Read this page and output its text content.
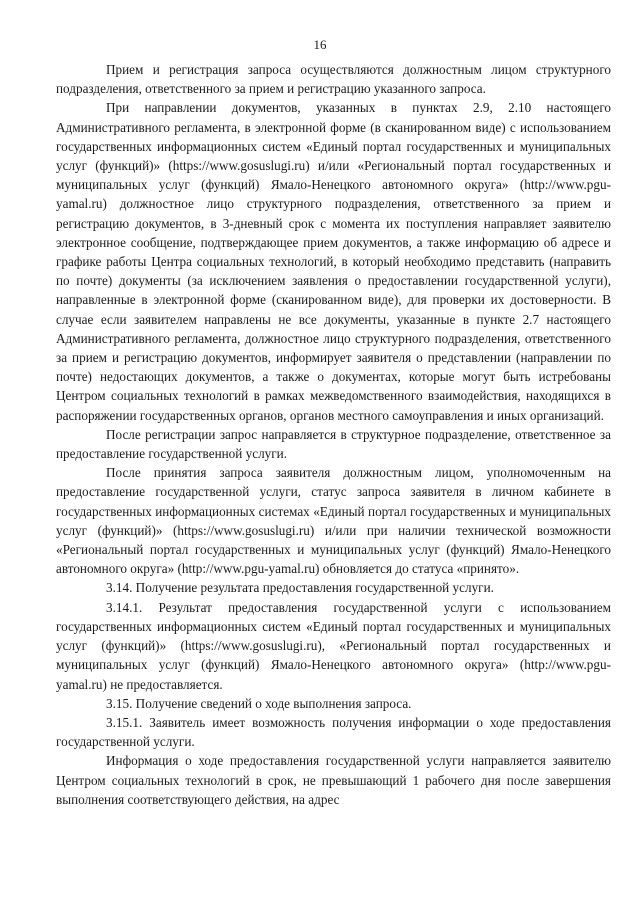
16

Прием и регистрация запроса осуществляются должностным лицом структурного подразделения, ответственного за прием и регистрацию указанного запроса.

При направлении документов, указанных в пунктах 2.9, 2.10 настоящего Административного регламента, в электронной форме (в сканированном виде) с использованием государственных информационных систем «Единый портал государственных и муниципальных услуг (функций)» (https://www.gosuslugi.ru) и/или «Региональный портал государственных и муниципальных услуг (функций) Ямало-Ненецкого автономного округа» (http://www.pgu-yamal.ru) должностное лицо структурного подразделения, ответственного за прием и регистрацию документов, в 3-дневный срок с момента их поступления направляет заявителю электронное сообщение, подтверждающее прием документов, а также информацию об адресе и графике работы Центра социальных технологий, в который необходимо представить (направить по почте) документы (за исключением заявления о предоставлении государственной услуги), направленные в электронной форме (сканированном виде), для проверки их достоверности. В случае если заявителем направлены не все документы, указанные в пункте 2.7 настоящего Административного регламента, должностное лицо структурного подразделения, ответственного за прием и регистрацию документов, информирует заявителя о представлении (направлении по почте) недостающих документов, а также о документах, которые могут быть истребованы Центром социальных технологий в рамках межведомственного взаимодействия, находящихся в распоряжении государственных органов, органов местного самоуправления и иных организаций.

После регистрации запрос направляется в структурное подразделение, ответственное за предоставление государственной услуги.

После принятия запроса заявителя должностным лицом, уполномоченным на предоставление государственной услуги, статус запроса заявителя в личном кабинете в государственных информационных системах «Единый портал государственных и муниципальных услуг (функций)» (https://www.gosuslugi.ru) и/или при наличии технической возможности «Региональный портал государственных и муниципальных услуг (функций) Ямало-Ненецкого автономного округа» (http://www.pgu-yamal.ru) обновляется до статуса «принято».

3.14. Получение результата предоставления государственной услуги.

3.14.1. Результат предоставления государственной услуги с использованием государственных информационных систем «Единый портал государственных и муниципальных услуг (функций)» (https://www.gosuslugi.ru), «Региональный портал государственных и муниципальных услуг (функций) Ямало-Ненецкого автономного округа» (http://www.pgu-yamal.ru) не предоставляется.

3.15. Получение сведений о ходе выполнения запроса.

3.15.1. Заявитель имеет возможность получения информации о ходе предоставления государственной услуги.

Информация о ходе предоставления государственной услуги направляется заявителю Центром социальных технологий в срок, не превышающий 1 рабочего дня после завершения выполнения соответствующего действия, на адрес
